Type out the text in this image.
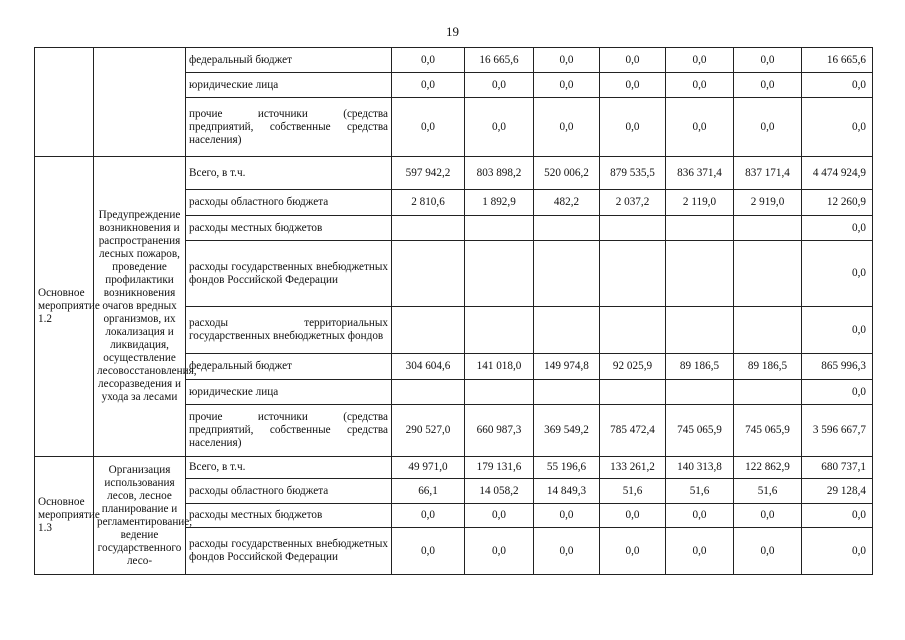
19
		федеральный бюджет	0,0	16 665,6	0,0	0,0	0,0	0,0	16 665,6
		юридические лица	0,0	0,0	0,0	0,0	0,0	0,0	0,0
		прочие источники (средства предприятий, собственные средства населения)	0,0	0,0	0,0	0,0	0,0	0,0	0,0
Основное мероприятие 1.2	Предупреждение возникновения и распространения лесных пожаров, проведение профилактики возникновения очагов вредных организмов, их локализация и ликвидация, осуществление лесовосстановления, лесоразведения и ухода за лесами	Всего, в т.ч.	597 942,2	803 898,2	520 006,2	879 535,5	836 371,4	837 171,4	4 474 924,9
		расходы областного бюджета	2 810,6	1 892,9	482,2	2 037,2	2 119,0	2 919,0	12 260,9
		расходы местных бюджетов							0,0
		расходы государственных внебюджетных фондов Российской Федерации							0,0
		расходы территориальных государственных внебюджетных фондов							0,0
		федеральный бюджет	304 604,6	141 018,0	149 974,8	92 025,9	89 186,5	89 186,5	865 996,3
		юридические лица							0,0
		прочие источники (средства предприятий, собственные средства населения)	290 527,0	660 987,3	369 549,2	785 472,4	745 065,9	745 065,9	3 596 667,7
Основное мероприятие 1.3	Организация использования лесов, лесное планирование и регламентирование, ведение государственного лесо-	Всего, в т.ч.	49 971,0	179 131,6	55 196,6	133 261,2	140 313,8	122 862,9	680 737,1
		расходы областного бюджета	66,1	14 058,2	14 849,3	51,6	51,6	51,6	29 128,4
		расходы местных бюджетов	0,0	0,0	0,0	0,0	0,0	0,0	0,0
		расходы государственных внебюджетных фондов Российской Федерации	0,0	0,0	0,0	0,0	0,0	0,0	0,0
